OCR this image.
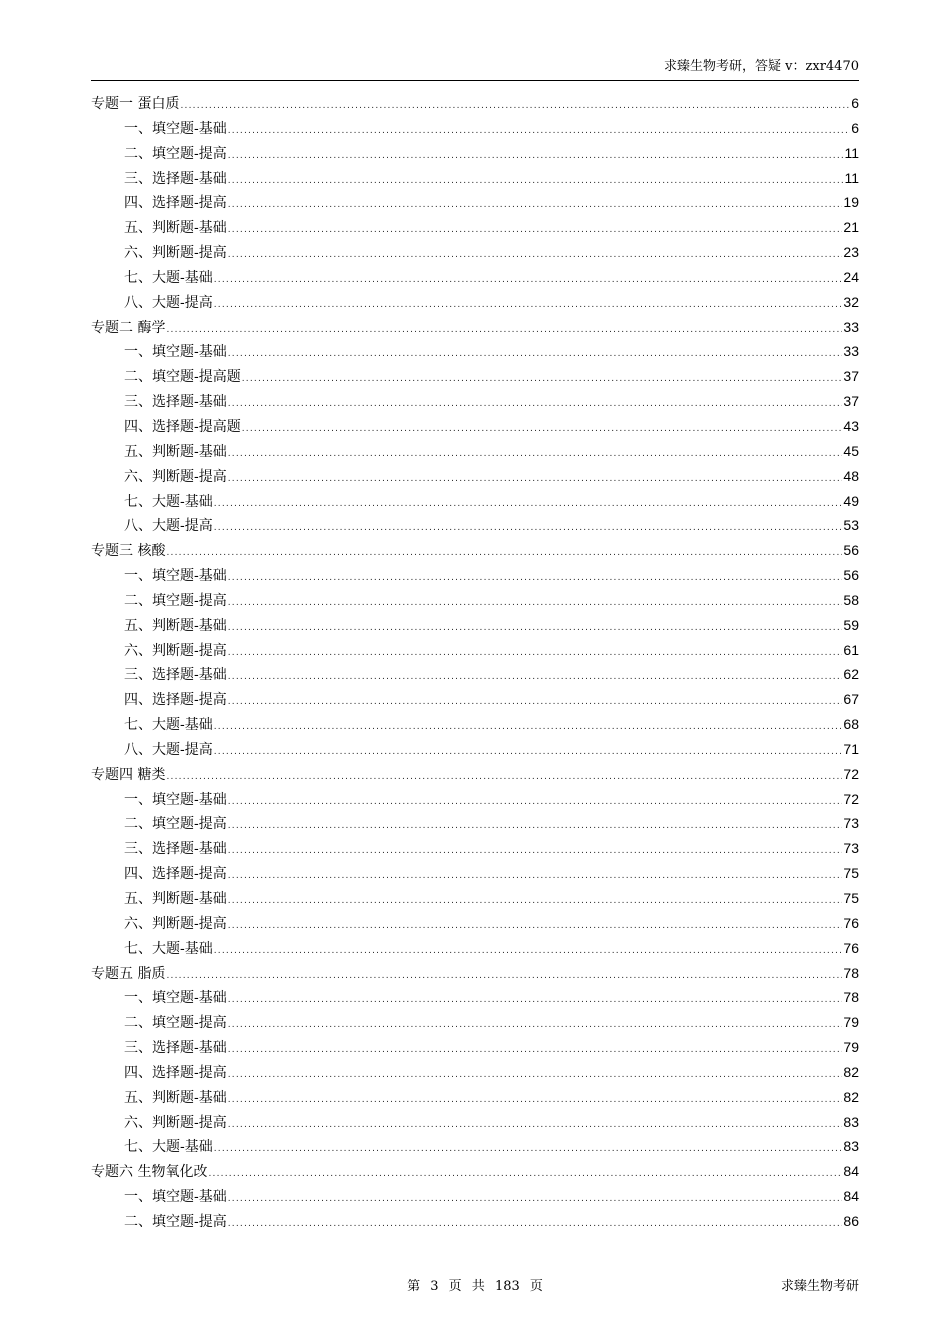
求臻生物考研，答疑 v：zxr4470
专题一 蛋白质 .....	6
一、填空题-基础 .....	6
二、填空题-提高 .....	11
三、选择题-基础 .....	11
四、选择题-提高 .....	19
五、判断题-基础 .....	21
六、判断题-提高 .....	23
七、大题-基础 .....	24
八、大题-提高 .....	32
专题二 酶学 .....	33
一、填空题-基础 .....	33
二、填空题-提高题 .....	37
三、选择题-基础 .....	37
四、选择题-提高题 .....	43
五、判断题-基础 .....	45
六、判断题-提高 .....	48
七、大题-基础 .....	49
八、大题-提高 .....	53
专题三 核酸 .....	56
一、填空题-基础 .....	56
二、填空题-提高 .....	58
五、判断题-基础 .....	59
六、判断题-提高 .....	61
三、选择题-基础 .....	62
四、选择题-提高 .....	67
七、大题-基础 .....	68
八、大题-提高 .....	71
专题四 糖类 .....	72
一、填空题-基础 .....	72
二、填空题-提高 .....	73
三、选择题-基础 .....	73
四、选择题-提高 .....	75
五、判断题-基础 .....	75
六、判断题-提高 .....	76
七、大题-基础 .....	76
专题五 脂质 .....	78
一、填空题-基础 .....	78
二、填空题-提高 .....	79
三、选择题-基础 .....	79
四、选择题-提高 .....	82
五、判断题-基础 .....	82
六、判断题-提高 .....	83
七、大题-基础 .....	83
专题六 生物氧化改 .....	84
一、填空题-基础 .....	84
二、填空题-提高 .....	86
第 3 页 共 183 页	求臻生物考研
